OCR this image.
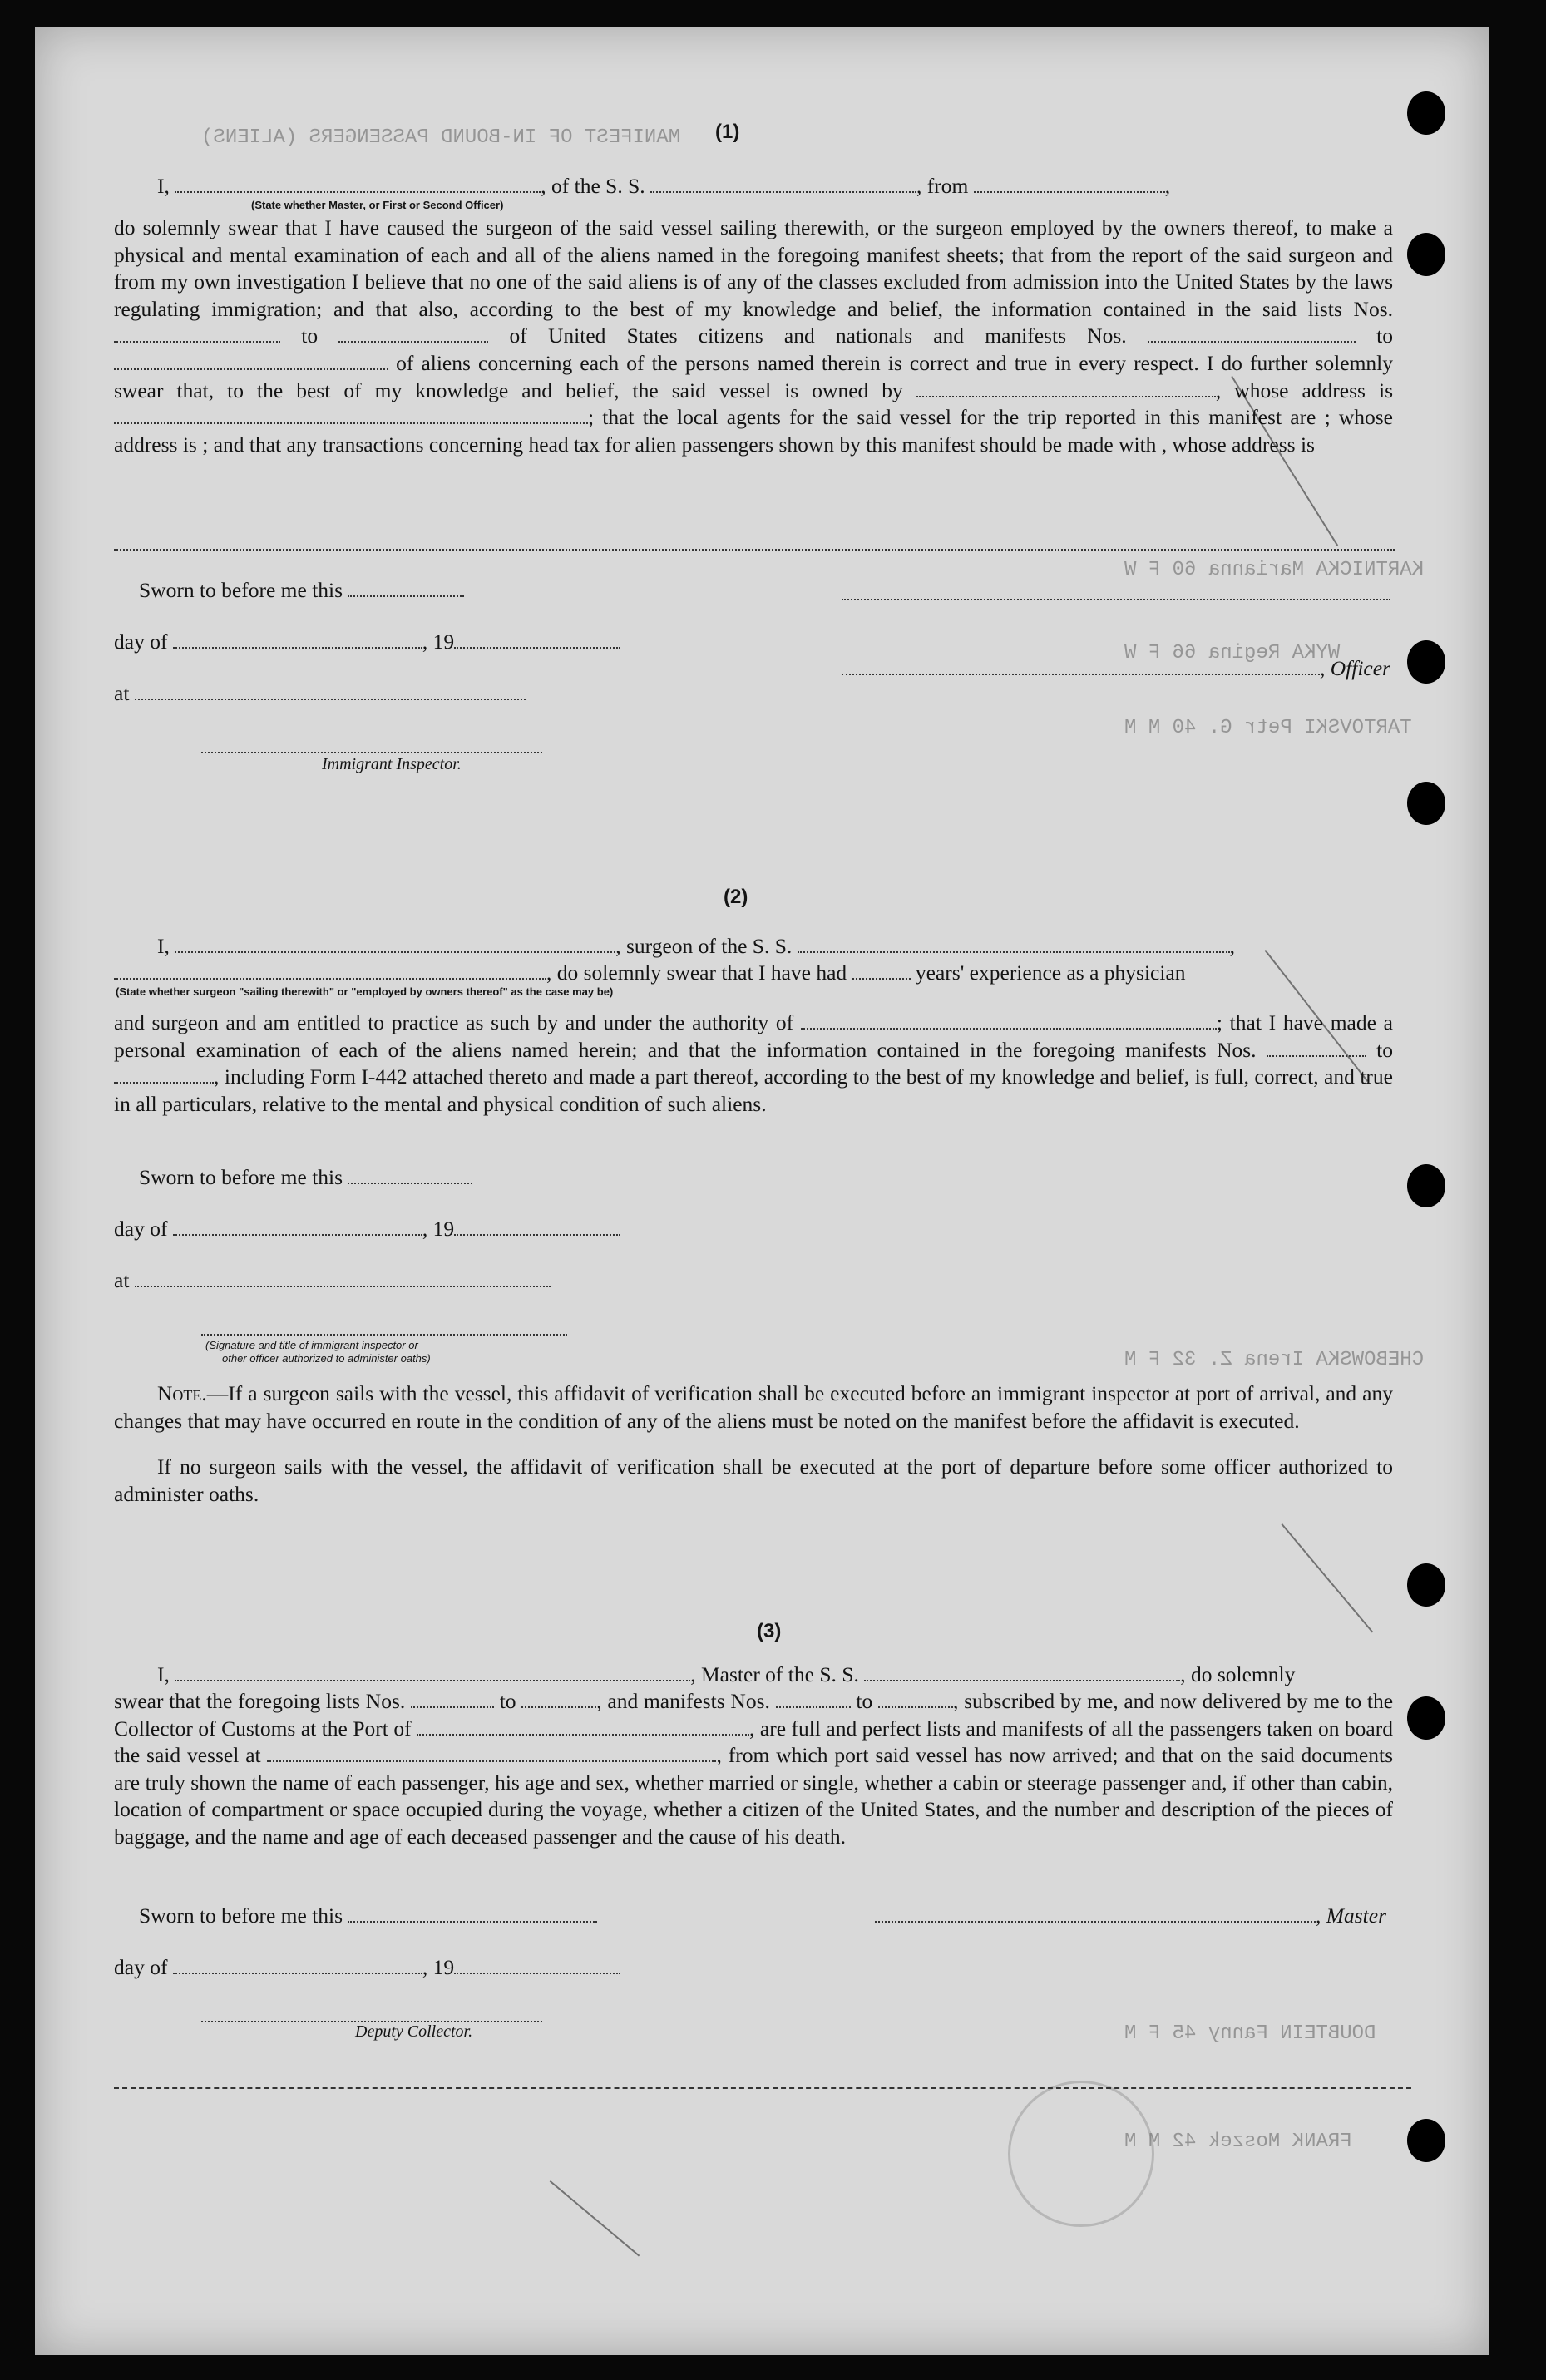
MANIFEST OF IN-BOUND PASSENGERS (ALIENS)
KARTNICKA Marianna 60 F W
WYKA Regina 66 F W
TARTOVSKI Petr G. 40 M M
CHEBOWSKA Irena Z. 32 F M
DOUBTEIN Fanny 45 F M
FRANK Moszek 42 M M
(1)
I,	, of the S. S.	, from	,
(State whether Master, or First or Second Officer)
do solemnly swear that I have caused the surgeon of the said vessel sailing therewith, or the surgeon employed by the owners thereof, to make a physical and mental examination of each and all of the aliens named in the foregoing manifest sheets; that from the report of the said surgeon and from my own investigation I believe that no one of the said aliens is of any of the classes excluded from admission into the United States by the laws regulating immigration; and that also, according to the best of my knowledge and belief, the information contained in the said lists Nos.  to	of United States citizens and nationals and manifests Nos.	to  of aliens concerning each of the persons named therein is correct and true in every respect. I do further solemnly swear that, to the best of my knowledge and belief, the said vessel is owned by	, whose address is ; that the local agents for the said vessel for the trip reported in this manifest are ; whose address is ; and that any transactions concerning head tax for alien passengers shown by this manifest should be made with , whose address is
Sworn to before me this
day of	, 19
, Officer
at
Immigrant Inspector.
(2)
I,	, surgeon of the S. S.	,
, do solemnly swear that I have had	years' experience as a physician
(State whether surgeon "sailing therewith" or "employed by owners thereof" as the case may be)
and surgeon and am entitled to practice as such by and under the authority of	; that I have made a personal examination of each of the aliens named herein; and that the information contained in the foregoing manifests Nos.	to , including Form I-442 attached thereto and made a part thereof, according to the best of my knowledge and belief, is full, correct, and true in all particulars, relative to the mental and physical condition of such aliens.
Sworn to before me this
day of	, 19
at
(Signature and title of immigrant inspector or
other officer authorized to administer oaths)
Note.—If a surgeon sails with the vessel, this affidavit of verification shall be executed before an immigrant inspector at port of arrival, and any changes that may have occurred en route in the condition of any of the aliens must be noted on the manifest before the affidavit is executed.
If no surgeon sails with the vessel, the affidavit of verification shall be executed at the port of departure before some officer authorized to administer oaths.
(3)
I,	, Master of the S. S.	, do solemnly
swear that the foregoing lists Nos.	to	, and manifests Nos.	to	, subscribed by me, and now delivered by me to the Collector of Customs at the Port of	, are full and perfect lists and manifests of all the passengers taken on board the said vessel at	, from which port said vessel has now arrived; and that on the said documents are truly shown the name of each passenger, his age and sex, whether married or single, whether a cabin or steerage passenger and, if other than cabin, location of compartment or space occupied during the voyage, whether a citizen of the United States, and the number and description of the pieces of baggage, and the name and age of each deceased passenger and the cause of his death.
Sworn to before me this	, Master
day of	, 19
Deputy Collector.
